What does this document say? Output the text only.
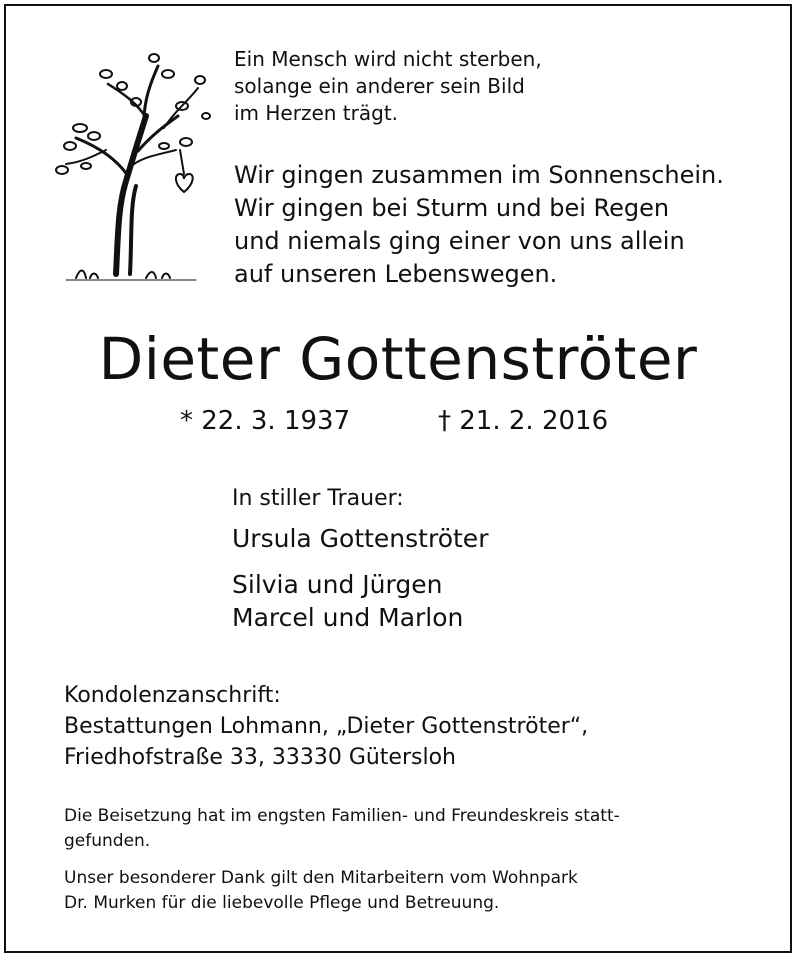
Ein Mensch wird nicht sterben,
solange ein anderer sein Bild
im Herzen trägt.
Wir gingen zusammen im Sonnenschein.
Wir gingen bei Sturm und bei Regen
und niemals ging einer von uns allein
auf unseren Lebenswegen.
Dieter Gottenströter
* 22. 3. 1937	† 21. 2. 2016
In stiller Trauer:
Ursula Gottenströter
Silvia und Jürgen
Marcel und Marlon
Kondolenzanschrift:
Bestattungen Lohmann, „Dieter Gottenströter“,
Friedhofstraße 33, 33330 Gütersloh
Die Beisetzung hat im engsten Familien- und Freundeskreis statt-
gefunden.
Unser besonderer Dank gilt den Mitarbeitern vom Wohnpark
Dr. Murken für die liebevolle Pflege und Betreuung.
